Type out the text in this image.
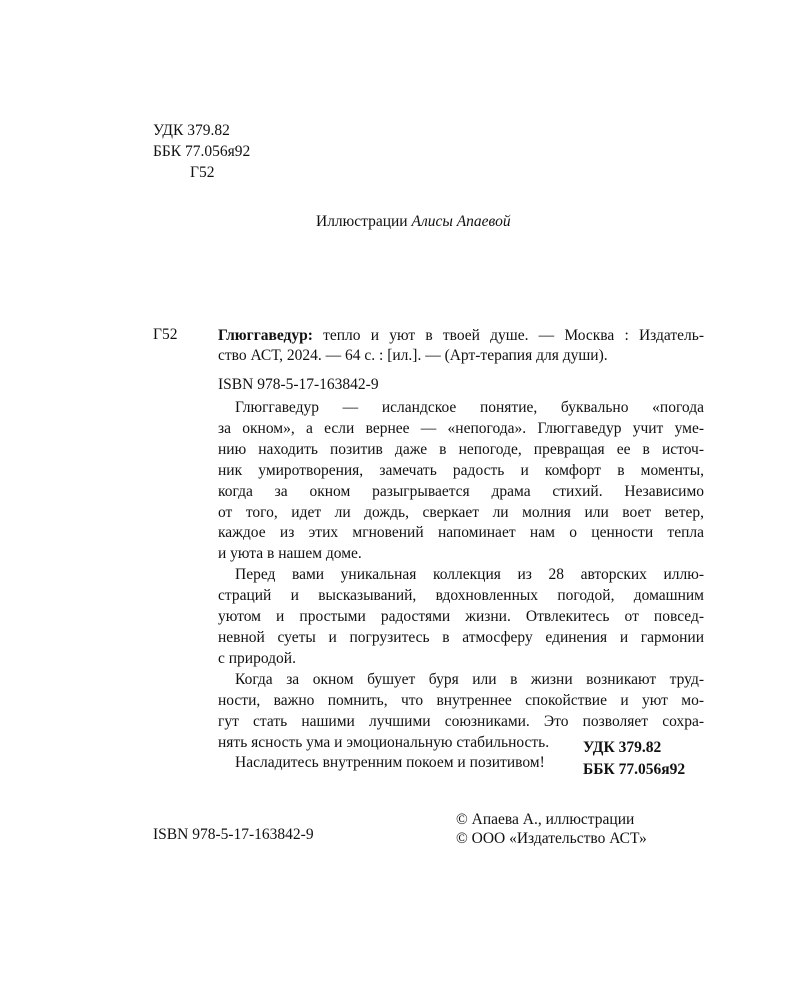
УДК 379.82
ББК 77.056я92
Г52
Иллюстрации Алисы Апаевой
Г52	Глюггаведур: тепло и уют в твоей душе. — Москва : Издатель-
ство АСТ, 2024. — 64 с. : [ил.]. — (Арт-терапия для души).
ISBN 978-5-17-163842-9

Глюггаведур — исландское понятие, буквально «погода

за окном», а если вернее — «непогода». Глюггаведур учит уме-

нию находить позитив даже в непогоде, превращая ее в источ-

ник умиротворения, замечать радость и комфорт в моменты,

когда за окном разыгрывается драма стихий. Независимо

от того, идет ли дождь, сверкает ли молния или воет ветер,

каждое из этих мгновений напоминает нам о ценности тепла

и уюта в нашем доме.

Перед вами уникальная коллекция из 28 авторских иллю-

страций и высказываний, вдохновленных погодой, домашним

уютом и простыми радостями жизни. Отвлекитесь от повсед-

невной суеты и погрузитесь в атмосферу единения и гармонии

с природой.

Когда за окном бушует буря или в жизни возникают труд-

ности, важно помнить, что внутреннее спокойствие и уют мо-

гут стать нашими лучшими союзниками. Это позволяет сохра-

нять ясность ума и эмоциональную стабильность.

Насладитесь внутренним покоем и позитивом!

УДК 379.82
ББК 77.056я92
ISBN 978-5-17-163842-9
© Апаева А., иллюстрации
© ООО «Издательство АСТ»
